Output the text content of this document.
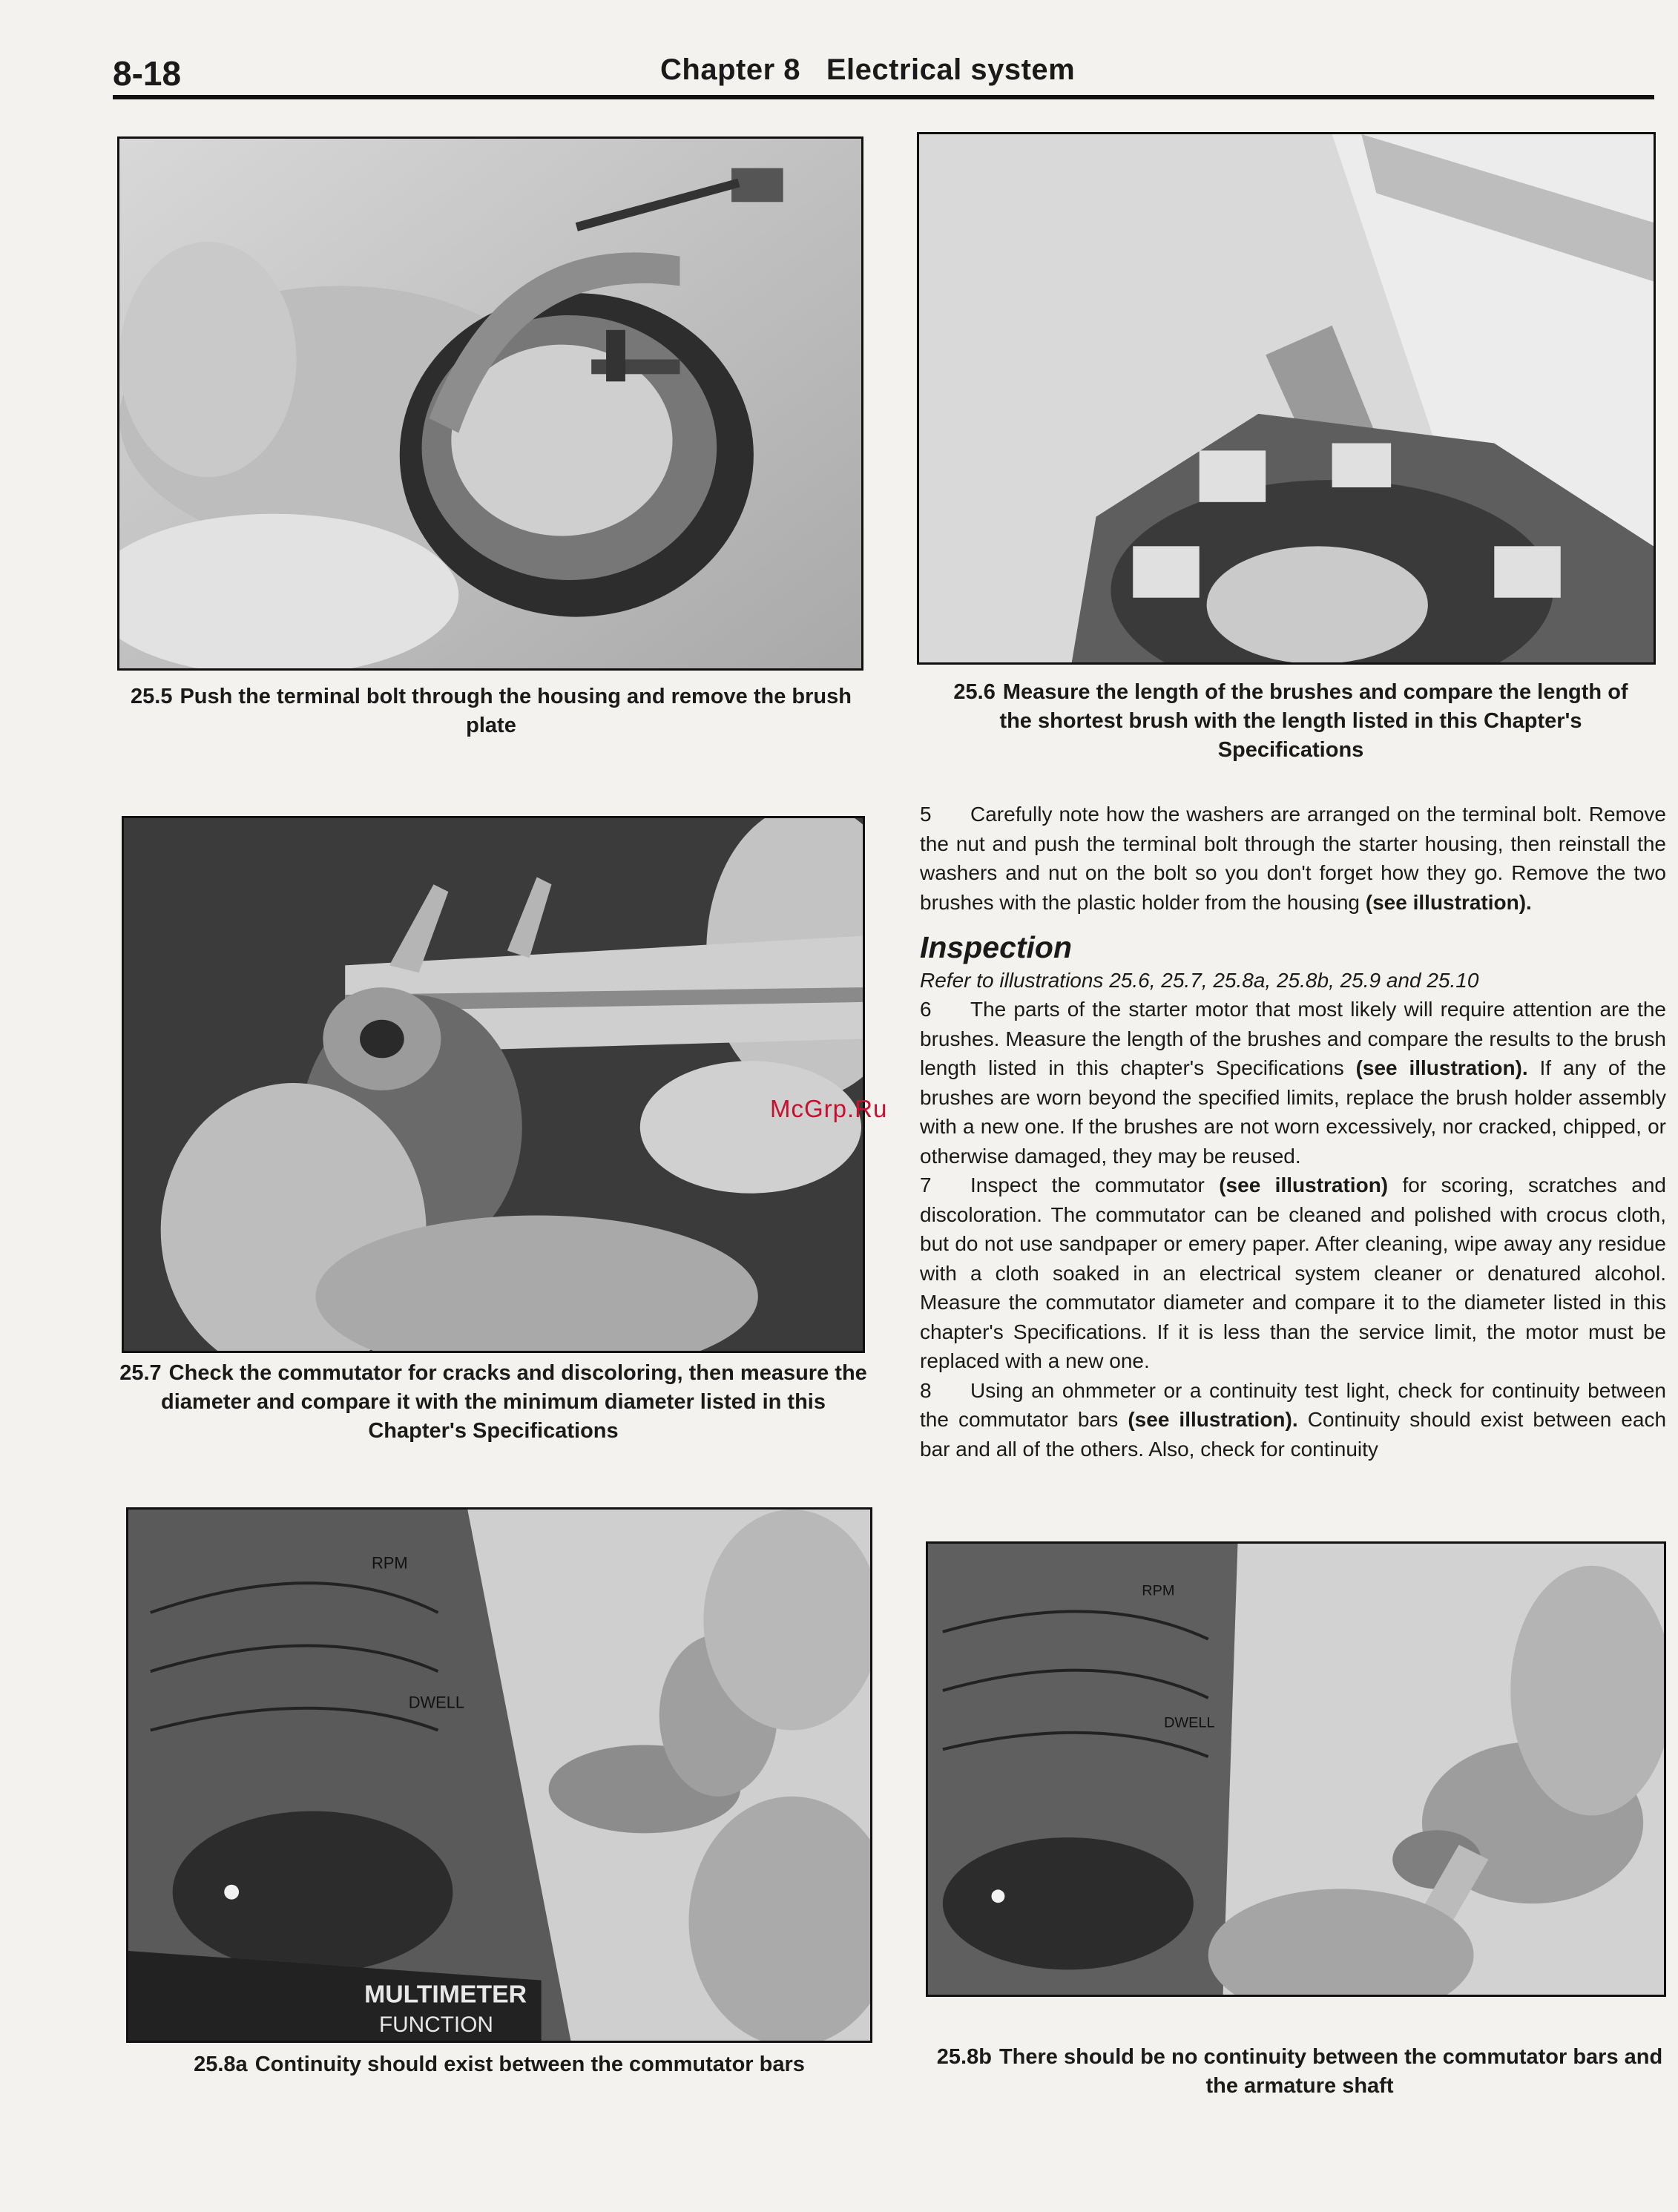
8-18	Chapter 8   Electrical system
25.5 Push the terminal bolt through the housing and remove the brush plate
25.6 Measure the length of the brushes and compare the length of the shortest brush with the length listed in this Chapter's Specifications
25.7 Check the commutator for cracks and discoloring, then measure the diameter and compare it with the minimum diameter listed in this Chapter's Specifications

5 Carefully note how the washers are arranged on the terminal bolt. Remove the nut and push the terminal bolt through the starter housing, then reinstall the washers and nut on the bolt so you don't forget how they go. Remove the two brushes with the plastic holder from the housing (see illustration).

Inspection

Refer to illustrations 25.6, 25.7, 25.8a, 25.8b, 25.9 and 25.10

6 The parts of the starter motor that most likely will require attention are the brushes. Measure the length of the brushes and compare the results to the brush length listed in this chapter's Specifications (see illustration). If any of the brushes are worn beyond the specified limits, replace the brush holder assembly with a new one. If the brushes are not worn excessively, nor cracked, chipped, or otherwise damaged, they may be reused.

7 Inspect the commutator (see illustration) for scoring, scratches and discoloration. The commutator can be cleaned and polished with crocus cloth, but do not use sandpaper or emery paper. After cleaning, wipe away any residue with a cloth soaked in an electrical system cleaner or denatured alcohol. Measure the commutator diameter and compare it to the diameter listed in this chapter's Specifications. If it is less than the service limit, the motor must be replaced with a new one.

8 Using an ohmmeter or a continuity test light, check for continuity between the commutator bars (see illustration). Continuity should exist between each bar and all of the others. Also, check for continuity

McGrp.Ru
MULTIMETER
FUNCTION
DWELL
RPM
25.8a Continuity should exist between the commutator bars
DWELL
RPM
25.8b There should be no continuity between the commutator bars and the armature shaft
